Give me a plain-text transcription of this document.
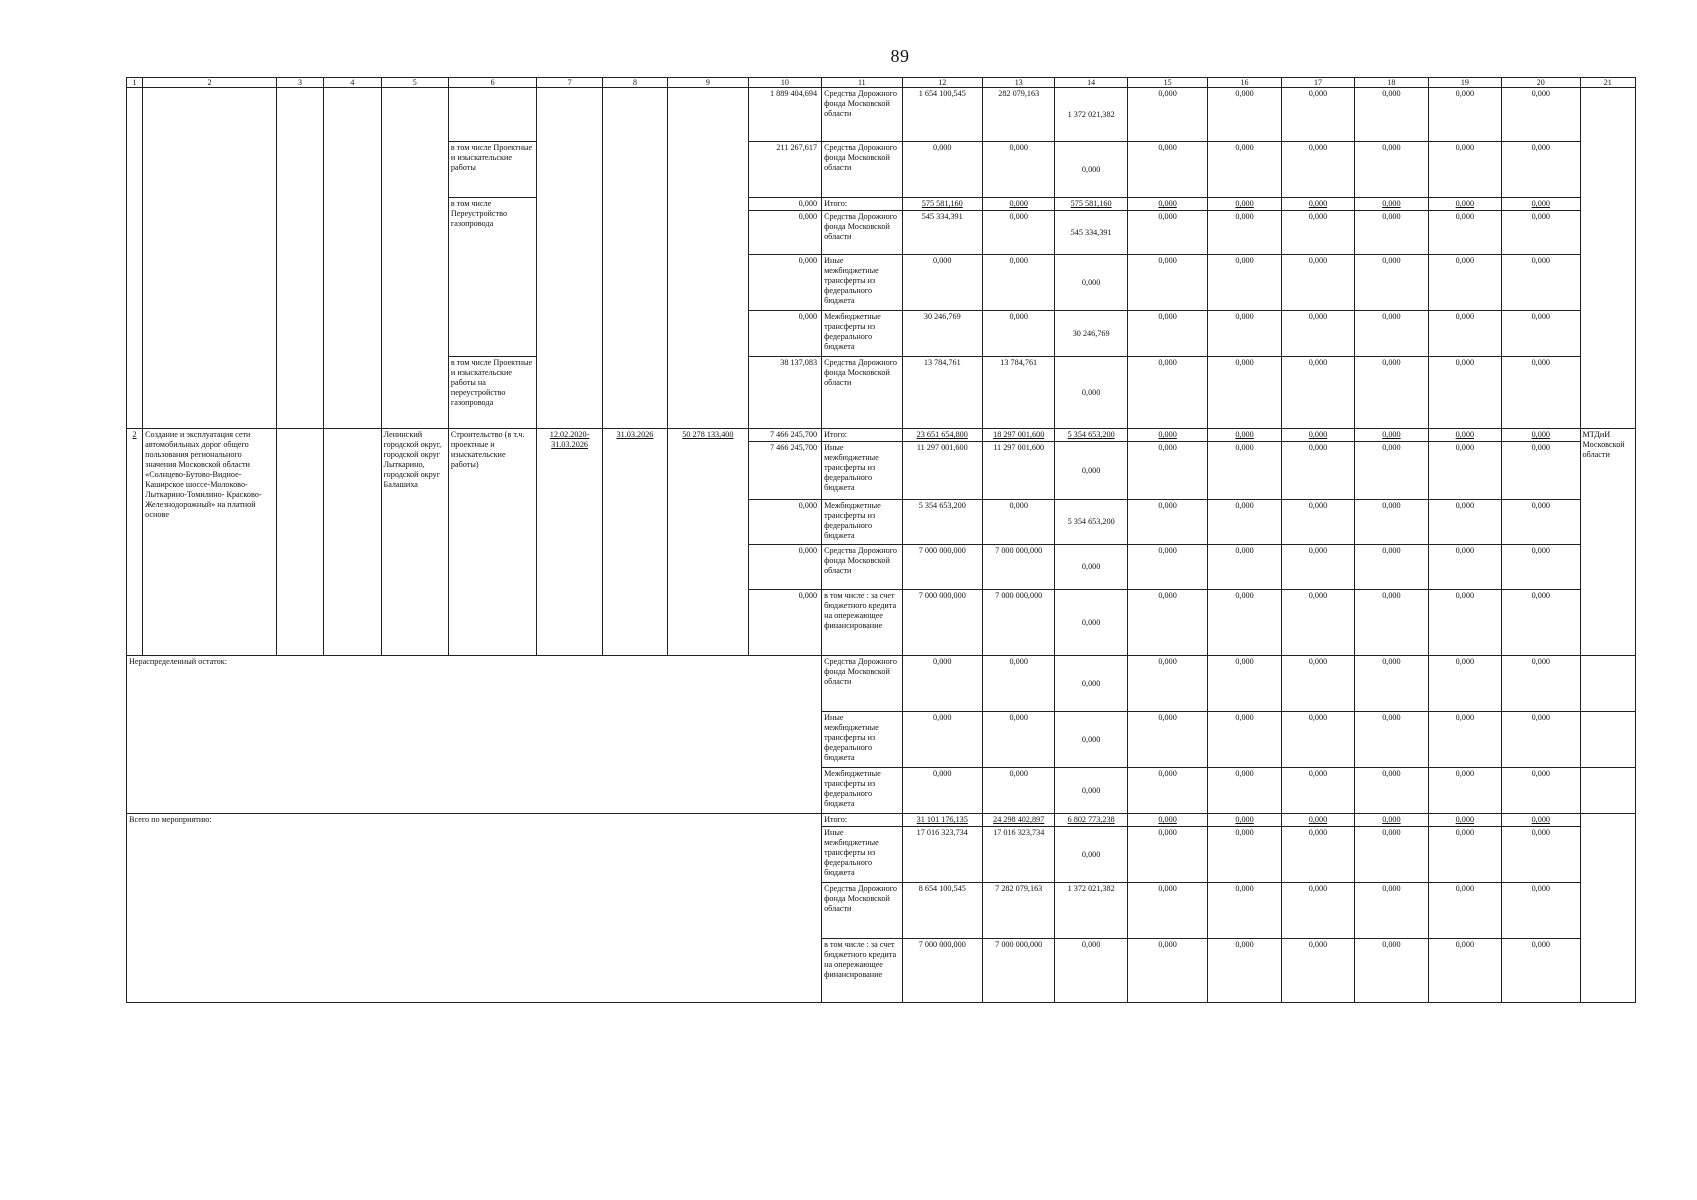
89
1	2	3	4	5	6	7	8	9	10	11	12	13	14	15	16	17	18	19	20	21
									1 889 404,694	Средства Дорожного фонда Московской области	1 654 100,545	282 079,163	1 372 021,382	0,000	0,000	0,000	0,000	0,000	0,000	
					в том числе Проектные и изыскательские работы				211 267,617	Средства Дорожного фонда Московской области	0,000	0,000	0,000	0,000	0,000	0,000	0,000	0,000	0,000	
					в том числе Переустройство газопровода				0,000	Итого:	575 581,160	0,000	575 581,160	0,000	0,000	0,000	0,000	0,000	0,000	
									0,000	Средства Дорожного фонда Московской области	545 334,391	0,000	545 334,391	0,000	0,000	0,000	0,000	0,000	0,000	
									0,000	Иные межбюджетные трансферты из федерального бюджета	0,000	0,000	0,000	0,000	0,000	0,000	0,000	0,000	0,000	
									0,000	Межбюджетные трансферты из федерального бюджета	30 246,769	0,000	30 246,769	0,000	0,000	0,000	0,000	0,000	0,000	
					в том числе Проектные и изыскательские работы на переустройство газопровода				38 137,083	Средства Дорожного фонда Московской области	13 784,761	13 784,761	0,000	0,000	0,000	0,000	0,000	0,000	0,000	

2	Создание и эксплуатация сети автомобильных дорог общего пользования регионального значения Московской области «Солнцево-Бутово-Видное-Каширское шоссе-Молоково-Лыткарино-Томилино- Красково-Железнодорожный» на платной основе			Ленинский городской округ, городской округ Лыткарино, городской округ Балашиха	Строительство (в т.ч. проектные и изыскательские работы)	12.02.2020-31.03.2026	31.03.2026	50 278 133,400	7 466 245,700	Итого:	23 651 654,800	18 297 001,600	5 354 653,200	0,000	0,000	0,000	0,000	0,000	0,000	МТДиИ Московской области
									7 466 245,700	Иные межбюджетные трансферты из федерального бюджета	11 297 001,600	11 297 001,600	0,000	0,000	0,000	0,000	0,000	0,000	0,000	
									0,000	Межбюджетные трансферты из федерального бюджета	5 354 653,200	0,000	5 354 653,200	0,000	0,000	0,000	0,000	0,000	0,000	
									0,000	Средства Дорожного фонда Московской области	7 000 000,000	7 000 000,000	0,000	0,000	0,000	0,000	0,000	0,000	0,000	
									0,000	в том числе : за счет бюджетного кредита на опережающее финансирование	7 000 000,000	7 000 000,000	0,000	0,000	0,000	0,000	0,000	0,000	0,000	
Нераспределенный остаток:										Средства Дорожного фонда Московской области	0,000	0,000	0,000	0,000	0,000	0,000	0,000	0,000	0,000	
										Иные межбюджетные трансферты из федерального бюджета	0,000	0,000	0,000	0,000	0,000	0,000	0,000	0,000	0,000	
										Межбюджетные трансферты из федерального бюджета	0,000	0,000	0,000	0,000	0,000	0,000	0,000	0,000	0,000	
Всего по мероприятию:										Итого:	31 101 176,135	24 298 402,897	6 802 773,238	0,000	0,000	0,000	0,000	0,000	0,000	
										Иные межбюджетные трансферты из федерального бюджета	17 016 323,734	17 016 323,734	0,000	0,000	0,000	0,000	0,000	0,000	0,000	
										Средства Дорожного фонда Московской области	8 654 100,545	7 282 079,163	1 372 021,382	0,000	0,000	0,000	0,000	0,000	0,000	
										в том числе : за счет бюджетного кредита на опережающее финансирование	7 000 000,000	7 000 000,000	0,000	0,000	0,000	0,000	0,000	0,000	0,000	
